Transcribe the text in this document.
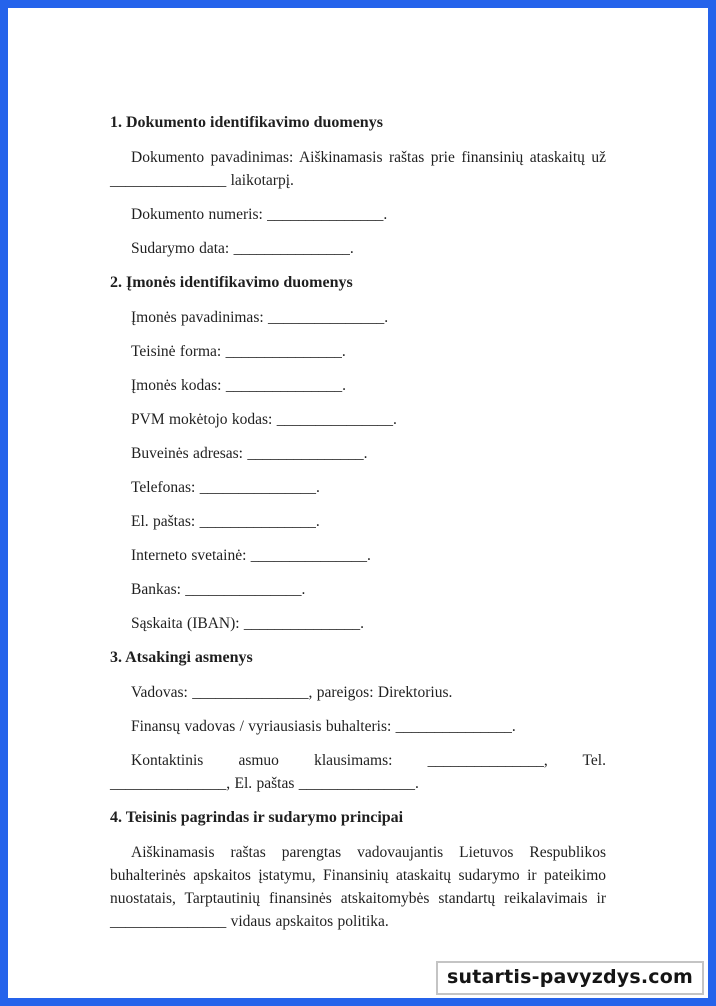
1. Dokumento identifikavimo duomenys

Dokumento pavadinimas: Aiškinamasis raštas prie finansinių ataskaitų už _______________ laikotarpį.

Dokumento numeris: _______________.

Sudarymo data: _______________.

2. Įmonės identifikavimo duomenys

Įmonės pavadinimas: _______________.

Teisinė forma: _______________.

Įmonės kodas: _______________.

PVM mokėtojo kodas: _______________.

Buveinės adresas: _______________.

Telefonas: _______________.

El. paštas: _______________.

Interneto svetainė: _______________.

Bankas: _______________.

Sąskaita (IBAN): _______________.

3. Atsakingi asmenys

Vadovas: _______________, pareigos: Direktorius.

Finansų vadovas / vyriausiasis buhalteris: _______________.

Kontaktinis asmuo klausimams: _______________, Tel. _______________, El. paštas _______________.

4. Teisinis pagrindas ir sudarymo principai

Aiškinamasis raštas parengtas vadovaujantis Lietuvos Respublikos buhalterinės apskaitos įstatymu, Finansinių ataskaitų sudarymo ir pateikimo nuostatais, Tarptautinių finansinės atskaitomybės standartų reikalavimais ir _______________ vidaus apskaitos politika.

sutartis-pavyzdys.com
